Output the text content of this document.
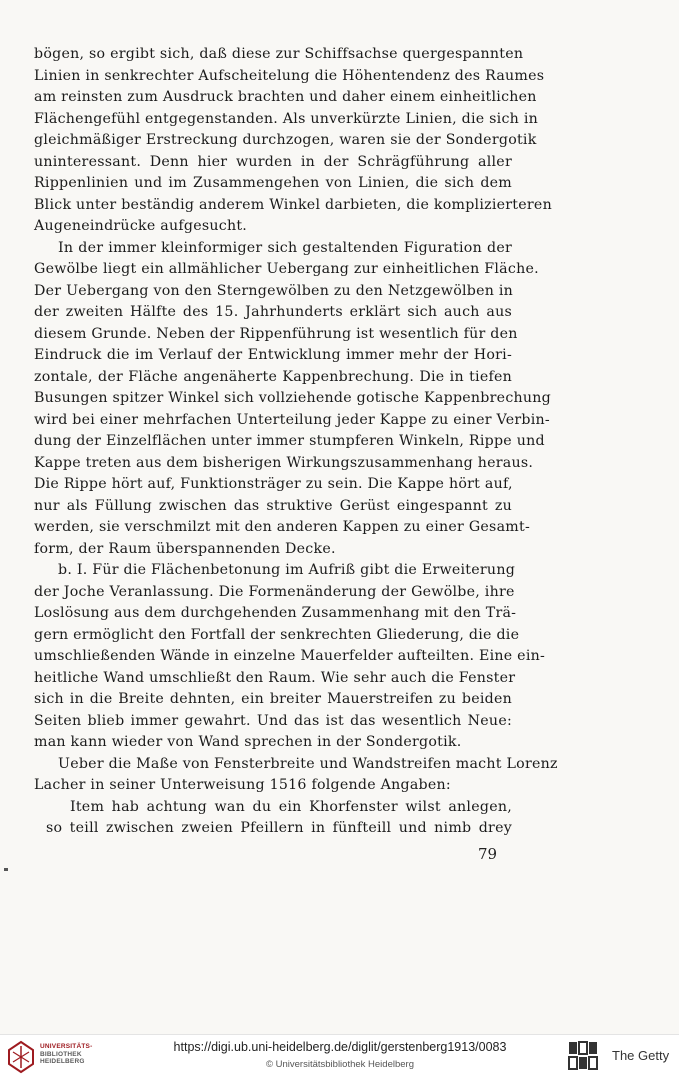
bögen, so ergibt sich, daß diese zur Schiffsachse quergespannten
Linien in senkrechter Aufscheitelung die Höhentendenz des Raumes
am reinsten zum Ausdruck brachten und daher einem einheitlichen
Flächengefühl entgegenstanden. Als unverkürzte Linien, die sich in
gleichmäßiger Erstreckung durchzogen, waren sie der Sondergotik
uninteressant. Denn hier wurden in der Schrägführung aller
Rippenlinien und im Zusammengehen von Linien, die sich dem
Blick unter beständig anderem Winkel darbieten, die komplizierteren
Augeneindrücke aufgesucht.
In der immer kleinformiger sich gestaltenden Figuration der
Gewölbe liegt ein allmählicher Uebergang zur einheitlichen Fläche.
Der Uebergang von den Sterngewölben zu den Netzgewölben in
der zweiten Hälfte des 15. Jahrhunderts erklärt sich auch aus
diesem Grunde. Neben der Rippenführung ist wesentlich für den
Eindruck die im Verlauf der Entwicklung immer mehr der Hori-
zontale, der Fläche angenäherte Kappenbrechung. Die in tiefen
Busungen spitzer Winkel sich vollziehende gotische Kappenbrechung
wird bei einer mehrfachen Unterteilung jeder Kappe zu einer Verbin-
dung der Einzelflächen unter immer stumpferen Winkeln, Rippe und
Kappe treten aus dem bisherigen Wirkungszusammenhang heraus.
Die Rippe hört auf, Funktionsträger zu sein. Die Kappe hört auf,
nur als Füllung zwischen das struktive Gerüst eingespannt zu
werden, sie verschmilzt mit den anderen Kappen zu einer Gesamt-
form, der Raum überspannenden Decke.
b. I. Für die Flächenbetonung im Aufriß gibt die Erweiterung
der Joche Veranlassung. Die Formenänderung der Gewölbe, ihre
Loslösung aus dem durchgehenden Zusammenhang mit den Trä-
gern ermöglicht den Fortfall der senkrechten Gliederung, die die
umschließenden Wände in einzelne Mauerfelder aufteilten. Eine ein-
heitliche Wand umschließt den Raum. Wie sehr auch die Fenster
sich in die Breite dehnten, ein breiter Mauerstreifen zu beiden
Seiten blieb immer gewahrt. Und das ist das wesentlich Neue:
man kann wieder von Wand sprechen in der Sondergotik.
Ueber die Maße von Fensterbreite und Wandstreifen macht Lorenz
Lacher in seiner Unterweisung 1516 folgende Angaben:
Item hab achtung wan du ein Khorfenster wilst anlegen,
so teill zwischen zweien Pfeillern in fünfteill und nimb drey
79
UNIVERSITÄTS-
BIBLIOTHEK
HEIDELBERG
https://digi.ub.uni-heidelberg.de/diglit/gerstenberg1913/0083
© Universitätsbibliothek Heidelberg
The Getty
